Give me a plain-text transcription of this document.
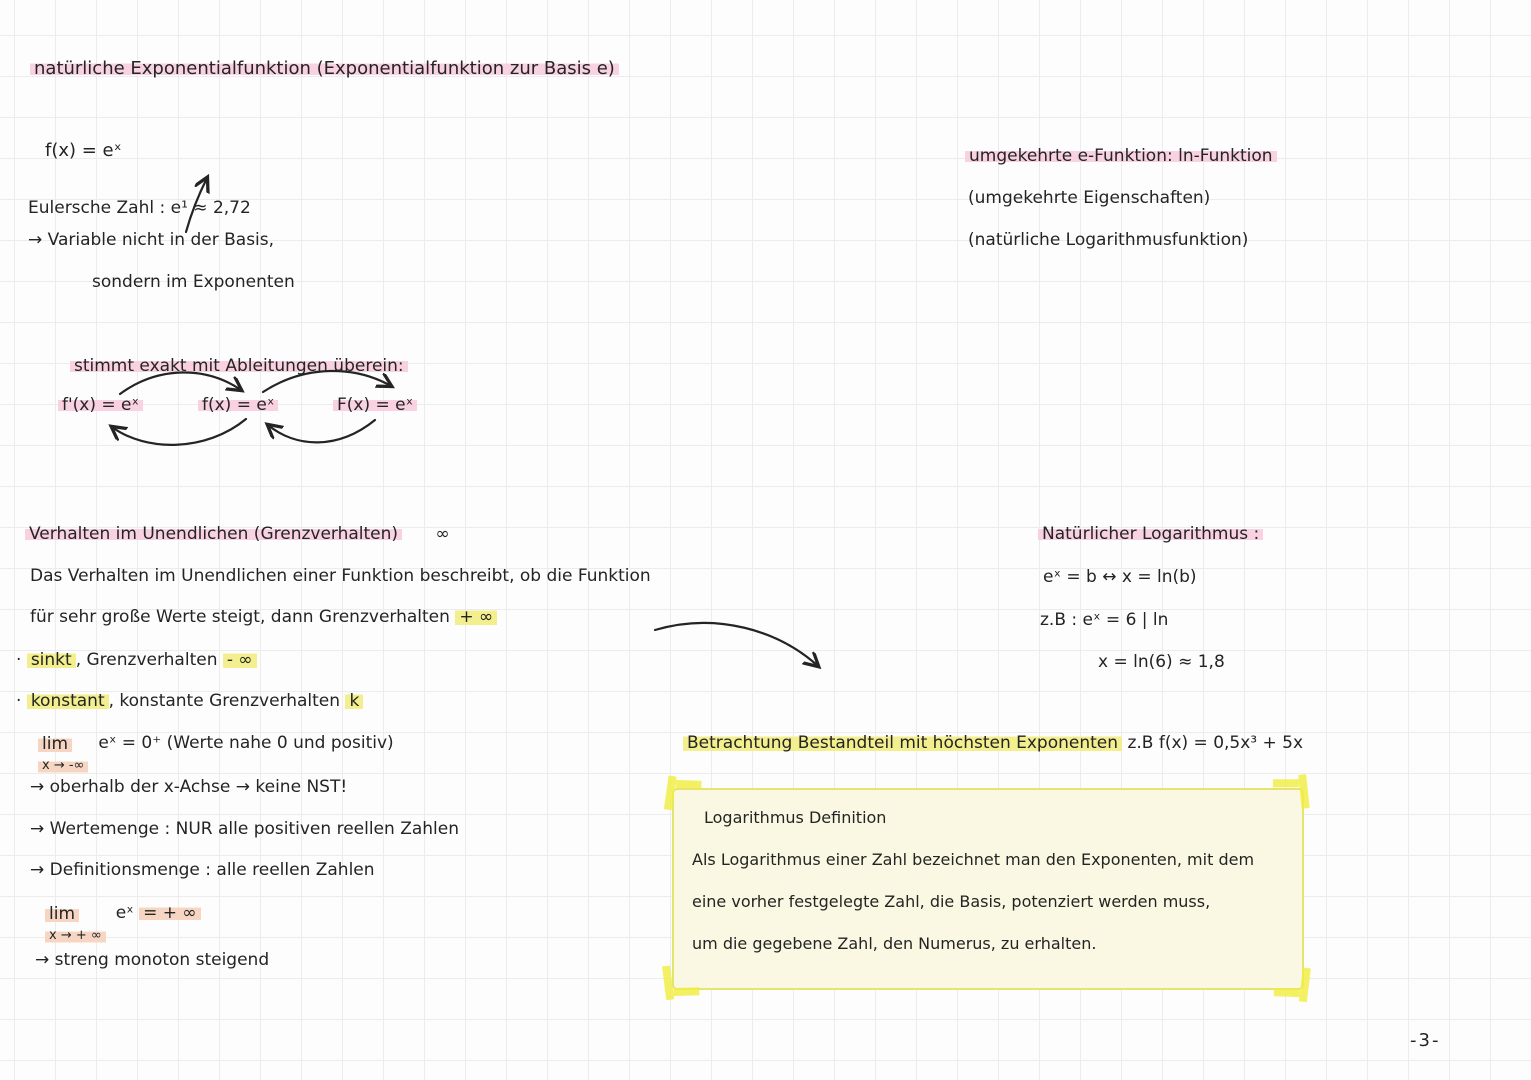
natürliche Exponentialfunktion (Exponentialfunktion zur Basis e)
f(x) = eˣ
Eulersche Zahl : e¹ ≈ 2,72
→ Variable nicht in der Basis,
sondern im Exponenten
umgekehrte e-Funktion: ln-Funktion
(umgekehrte Eigenschaften)
(natürliche Logarithmusfunktion)
stimmt exakt mit Ableitungen überein:
f'(x) = eˣ	f(x) = eˣ	F(x) = eˣ
Verhalten im Unendlichen (Grenzverhalten) ∞
Das Verhalten im Unendlichen einer Funktion beschreibt, ob die Funktion
für sehr große Werte steigt, dann Grenzverhalten + ∞
· sinkt , Grenzverhalten - ∞
· konstant , konstante Grenzverhalten k
lim
x → -∞
eˣ = 0⁺ (Werte nahe 0 und positiv)
→ oberhalb der x-Achse → keine NST!
→ Wertemenge : NUR alle positiven reellen Zahlen
→ Definitionsmenge : alle reellen Zahlen
lim
x → + ∞
eˣ = + ∞
→ streng monoton steigend
Natürlicher Logarithmus :
eˣ = b ↔ x = ln(b)
z.B : eˣ = 6 | ln
x = ln(6) ≈ 1,8
Betrachtung Bestandteil mit höchsten Exponenten z.B f(x) = 0,5x³ + 5x
Logarithmus Definition
Als Logarithmus einer Zahl bezeichnet man den Exponenten, mit dem
eine vorher festgelegte Zahl, die Basis, potenziert werden muss,
um die gegebene Zahl, den Numerus, zu erhalten.
-3-
